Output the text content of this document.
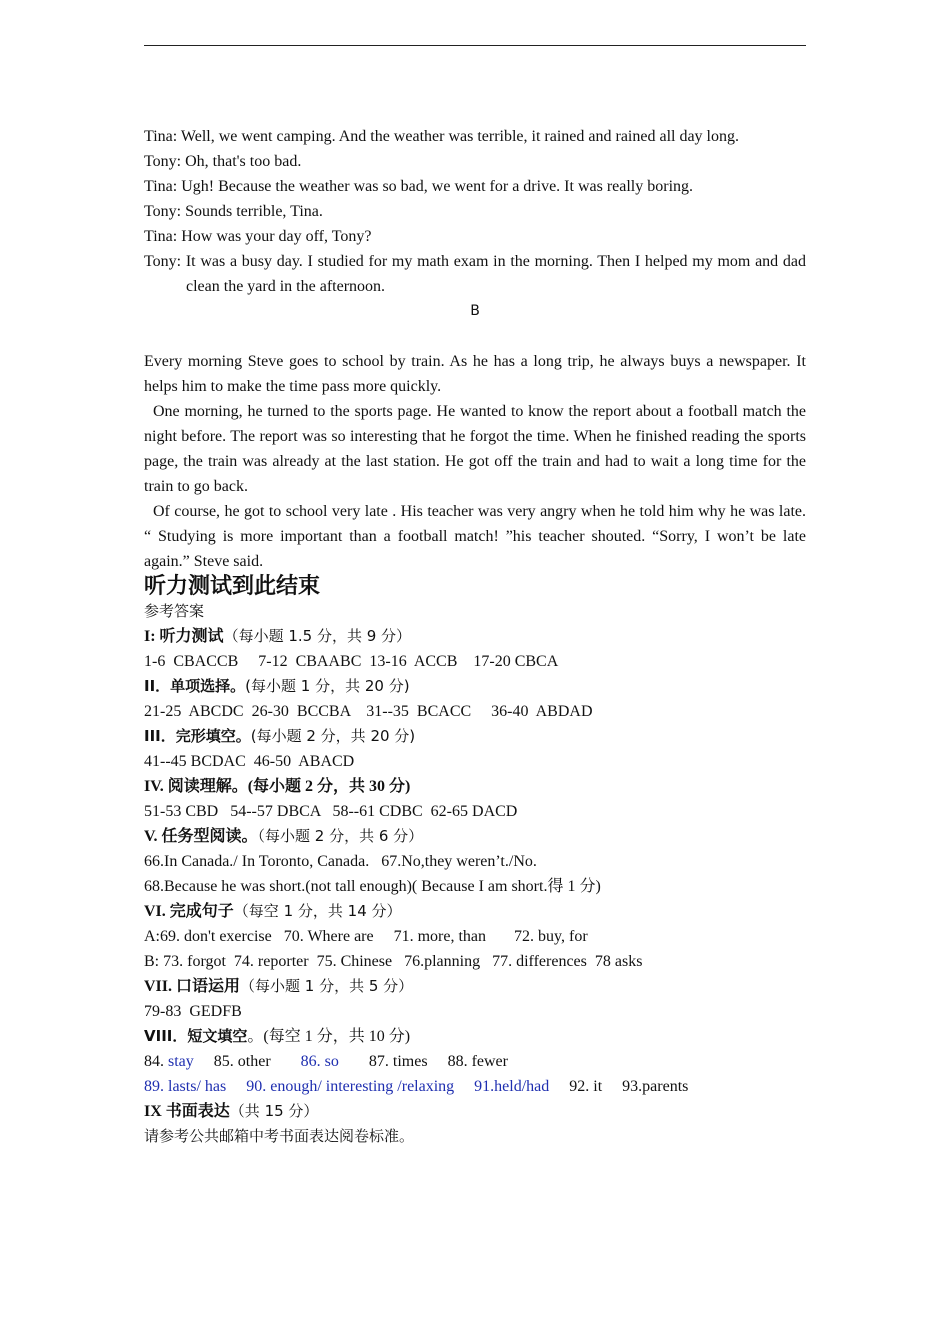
Tina: Well, we went camping. And the weather was terrible, it rained and rained all day long.
Tony: Oh, that's too bad.
Tina: Ugh! Because the weather was so bad, we went for a drive. It was really boring.
Tony: Sounds terrible, Tina.
Tina: How was your day off, Tony?
Tony: It was a busy day. I studied for my math exam in the morning. Then I helped my mom and dad clean the yard in the afternoon.
B
Every morning Steve goes to school by train. As he has a long trip, he always buys a newspaper. It helps him to make the time pass more quickly.
One morning, he turned to the sports page. He wanted to know the report about a football match the night before. The report was so interesting that he forgot the time. When he finished reading the sports page, the train was already at the last station. He got off the train and had to wait a long time for the train to go back.
Of course, he got to school very late . His teacher was very angry when he told him why he was late. “ Studying is more important than a football match! ”his teacher shouted. “Sorry, I won’t be late again.” Steve said.
听力测试到此结束
参考答案
I: 听力测试（每小题 1.5 分，共 9 分）
1-6  CBACCB     7-12  CBAABC  13-16  ACCB    17-20 CBCA
II．单项选择。(每小题 1 分，共 20 分)
21-25  ABCDC  26-30  BCCBA    31--35  BCACC     36-40  ABDAD
III．完形填空。(每小题 2 分，共 20 分)
41--45 BCDAC  46-50  ABACD
IV. 阅读理解。(每小题 2 分，共 30 分)
51-53 CBD   54--57 DBCA   58--61 CDBC  62-65 DACD
V. 任务型阅读。（每小题 2 分，共 6 分）
66.In Canada./ In Toronto, Canada.   67.No,they weren’t./No.
68.Because he was short.(not tall enough)( Because I am short.得 1 分)
VI. 完成句子（每空 1 分，共 14 分）
A:69. don't exercise   70. Where are     71. more, than       72. buy, for
B: 73. forgot  74. reporter  75. Chinese   76.planning   77. differences  78 asks
VII. 口语运用（每小题 1 分，共 5 分）
79-83  GEDFB
VIII．短文填空。(每空 1 分，共 10 分)
84. stay 85. other 86. so 87. times 88. fewer
89. lasts/ has 90. enough/ interesting /relaxing 91.held/had 92. it 93.parents
IX 书面表达（共 15 分）
请参考公共邮箱中考书面表达阅卷标准。
